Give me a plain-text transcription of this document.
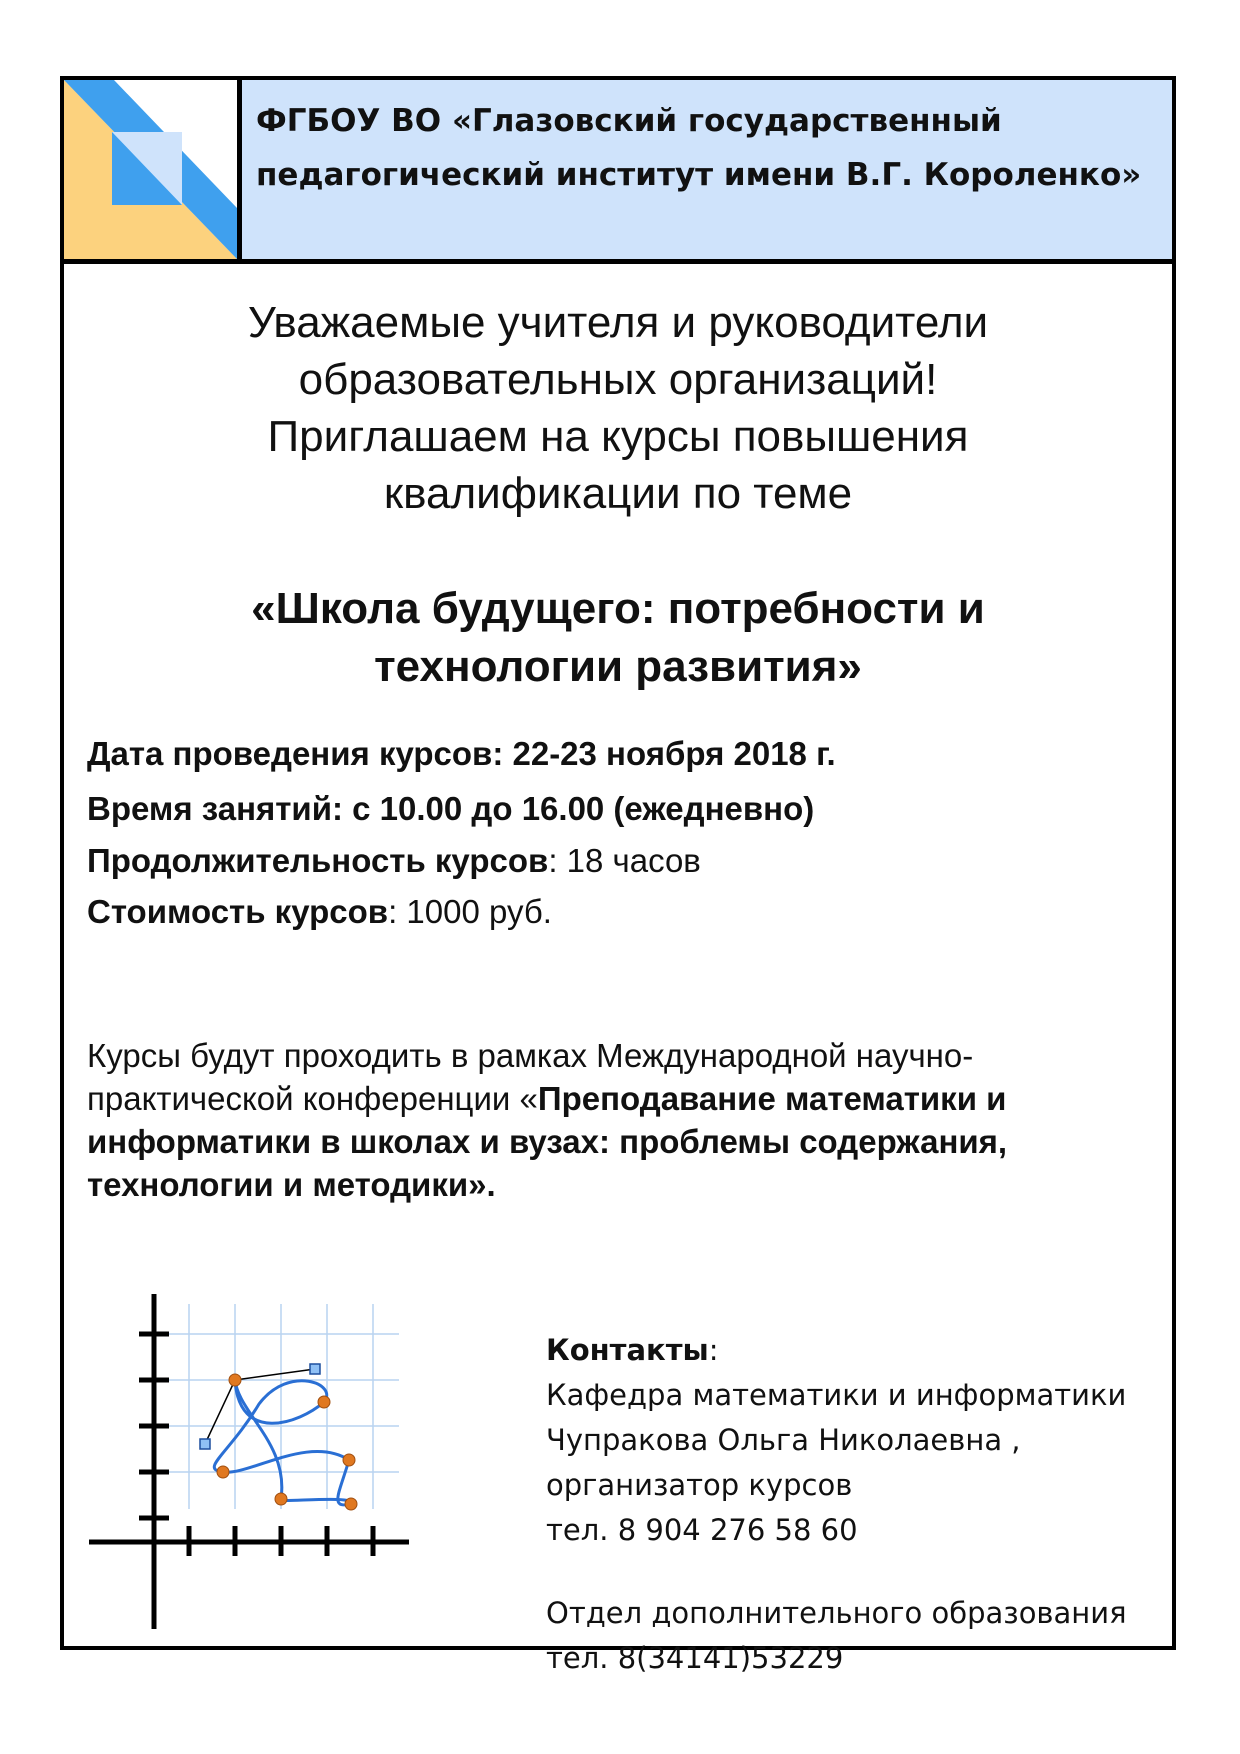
ФГБОУ ВО «Глазовский государственный

педагогический институт имени В.Г. Короленко»

Уважаемые учителя и руководители
образовательных организаций!
Приглашаем на курсы повышения
квалификации по теме
«Школа будущего: потребности и
технологии развития»
Дата проведения курсов: 22-23 ноября 2018 г.
Время занятий: с 10.00 до 16.00 (ежедневно)
Продолжительность курсов: 18 часов
Стоимость курсов: 1000 руб.
Курсы будут проходить в рамках Международной научно-практической конференции «Преподавание математики и информатики в школах и вузах: проблемы содержания, технологии и методики».

Контакты:

Кафедра математики и информатики

Чупракова Ольга Николаевна ,

организатор курсов

тел. 8 904 276 58 60

Отдел дополнительного образования

тел. 8(34141)53229
